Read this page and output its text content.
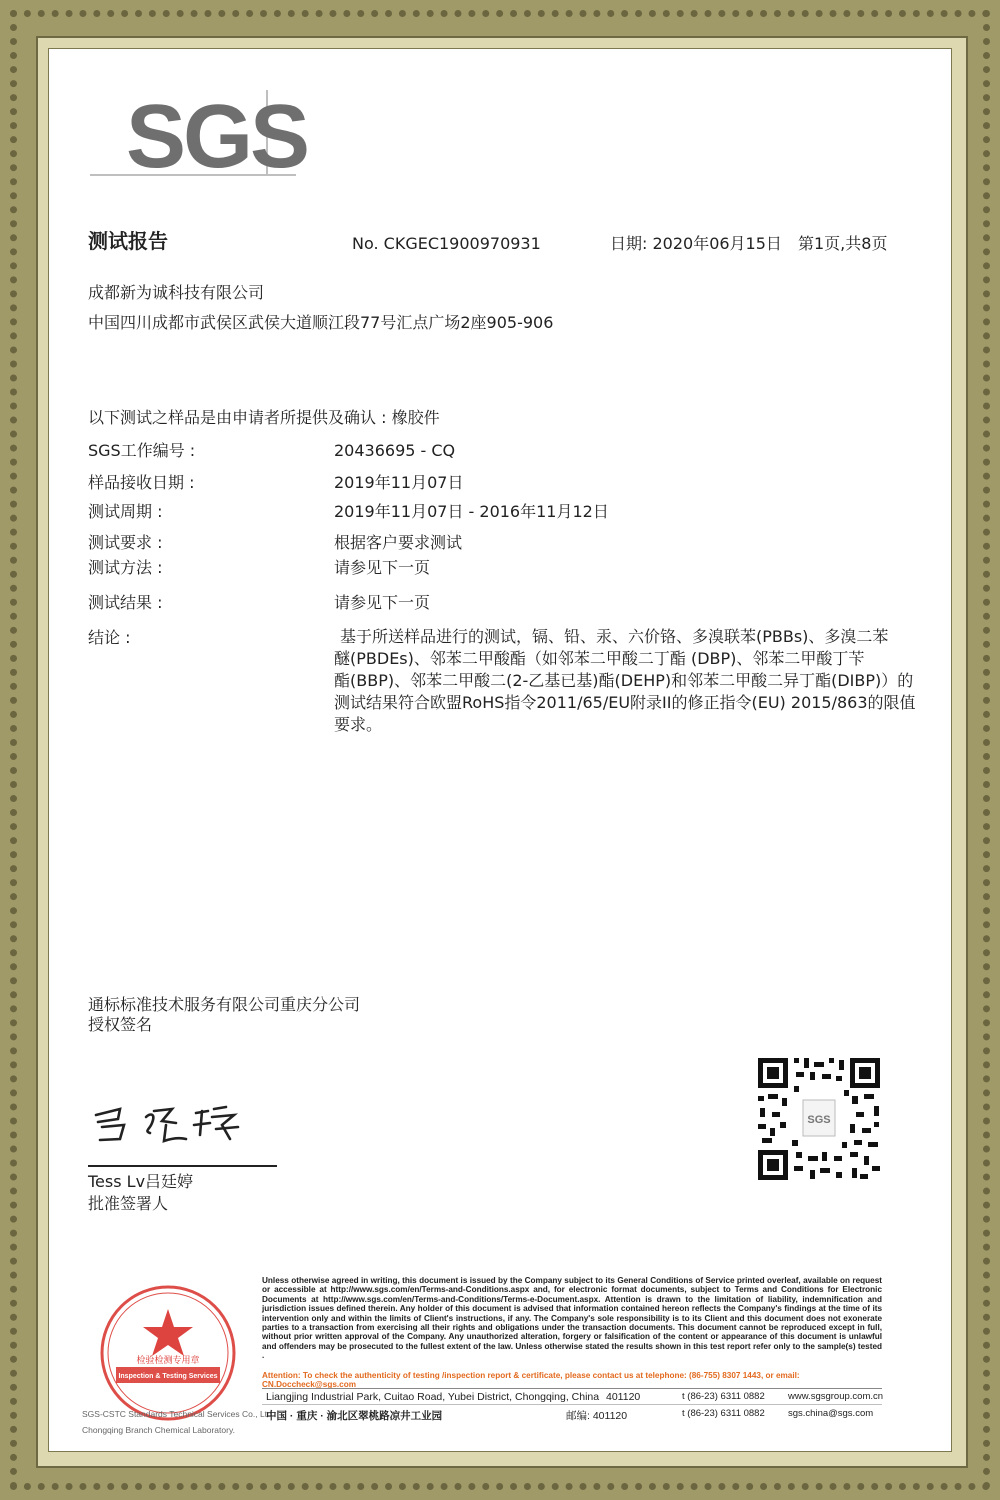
SGS
测试报告	No. CKGEC1900970931	日期: 2020年06月15日 第1页,共8页
成都新为诚科技有限公司
中国四川成都市武侯区武侯大道顺江段77号汇点广场2座905-906
以下测试之样品是由申请者所提供及确认 : 橡胶件
SGS工作编号 :	20436695 - CQ
样品接收日期 :	2019年11月07日
测试周期 :	2019年11月07日 - 2016年11月12日
测试要求 :	根据客户要求测试
测试方法 :	请参见下一页
测试结果 :	请参见下一页
结论 :	基于所送样品进行的测试，镉、铅、汞、六价铬、多溴联苯(PBBs)、多溴二苯
醚(PBDEs)、邻苯二甲酸酯（如邻苯二甲酸二丁酯 (DBP)、邻苯二甲酸丁苄
酯(BBP)、邻苯二甲酸二(2-乙基已基)酯(DEHP)和邻苯二甲酸二异丁酯(DIBP)）的
测试结果符合欧盟RoHS指令2011/65/EU附录II的修正指令(EU) 2015/863的限值
要求。
通标标准技术服务有限公司重庆分公司
授权签名
Tess Lv吕廷婷
批准签署人
SGS
检验检测专用章
Inspection & Testing Services
SGS-CSTC Standards Technical Services Co., Ltd.
Chongqing Branch Chemical Laboratory.
Unless otherwise agreed in writing, this document is issued by the Company subject to its General Conditions of Service printed overleaf, available on request or accessible at http://www.sgs.com/en/Terms-and-Conditions.aspx and, for electronic format documents, subject to Terms and Conditions for Electronic Documents at http://www.sgs.com/en/Terms-and-Conditions/Terms-e-Document.aspx. Attention is drawn to the limitation of liability, indemnification and jurisdiction issues defined therein. Any holder of this document is advised that information contained hereon reflects the Company's findings at the time of its intervention only and within the limits of Client's instructions, if any. The Company's sole responsibility is to its Client and this document does not exonerate parties to a transaction from exercising all their rights and obligations under the transaction documents. This document cannot be reproduced except in full, without prior written approval of the Company. Any unauthorized alteration, forgery or falsification of the content or appearance of this document is unlawful and offenders may be prosecuted to the fullest extent of the law. Unless otherwise stated the results shown in this test report refer only to the sample(s) tested .
Attention: To check the authenticity of testing /inspection report & certificate, please contact us at telephone: (86-755) 8307 1443, or email: CN.Doccheck@sgs.com
Liangjing Industrial Park, Cuitao Road, Yubei District, Chongqing, China 401120	t (86-23) 6311 0882 www.sgsgroup.com.cn
中国 · 重庆 · 渝北区翠桃路凉井工业园	邮编: 401120	t (86-23) 6311 0882 sgs.china@sgs.com
